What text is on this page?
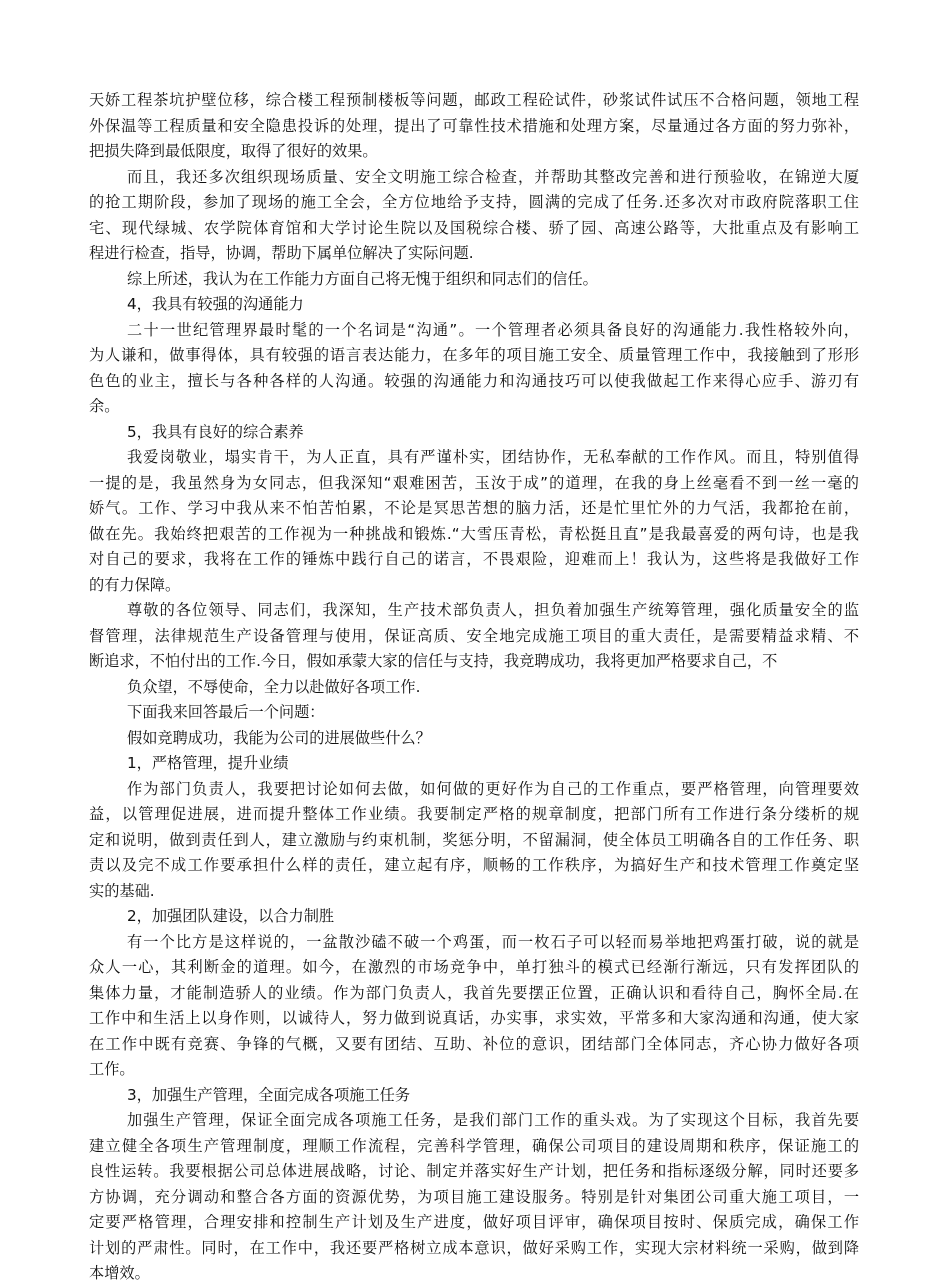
天娇工程茶坑护壁位移，综合楼工程预制楼板等问题，邮政工程砼试件，砂浆试件试压不合格问题，领地工程
外保温等工程质量和安全隐患投诉的处理，提出了可靠性技术措施和处理方案，尽量通过各方面的努力弥补，
把损失降到最低限度，取得了很好的效果。
而且，我还多次组织现场质量、安全文明施工综合检查，并帮助其整改完善和进行预验收，在锦逆大厦
的抢工期阶段，参加了现场的施工全会，全方位地给予支持，圆满的完成了任务.还多次对市政府院落职工住
宅、现代绿城、农学院体育馆和大学讨论生院以及国税综合楼、骄了园、高速公路等，大批重点及有影响工
程进行检查，指导，协调，帮助下属单位解决了实际问题.
综上所述，我认为在工作能力方面自己将无愧于组织和同志们的信任。
4，我具有较强的沟通能力
二十一世纪管理界最时髦的一个名词是“沟通”。一个管理者必须具备良好的沟通能力.我性格较外向，
为人谦和，做事得体，具有较强的语言表达能力，在多年的项目施工安全、质量管理工作中，我接触到了形形
色色的业主，擅长与各种各样的人沟通。较强的沟通能力和沟通技巧可以使我做起工作来得心应手、游刃有
余。
5，我具有良好的综合素养
我爱岗敬业，塌实肯干，为人正直，具有严谨朴实，团结协作，无私奉献的工作作风。而且，特别值得
一提的是，我虽然身为女同志，但我深知“艰难困苦，玉汝于成”的道理，在我的身上丝毫看不到一丝一毫的
娇气。工作、学习中我从来不怕苦怕累，不论是冥思苦想的脑力活，还是忙里忙外的力气活，我都抢在前，
做在先。我始终把艰苦的工作视为一种挑战和锻炼.“大雪压青松，青松挺且直”是我最喜爱的两句诗，也是我
对自己的要求，我将在工作的锤炼中践行自己的诺言，不畏艰险，迎难而上！我认为，这些将是我做好工作
的有力保障。
尊敬的各位领导、同志们，我深知，生产技术部负责人，担负着加强生产统筹管理，强化质量安全的监
督管理，法律规范生产设备管理与使用，保证高质、安全地完成施工项目的重大责任，是需要精益求精、不
断追求，不怕付出的工作.今日，假如承蒙大家的信任与支持，我竞聘成功，我将更加严格要求自己，不
负众望，不辱使命，全力以赴做好各项工作.
下面我来回答最后一个问题：
假如竞聘成功，我能为公司的进展做些什么？
1，严格管理，提升业绩
作为部门负责人，我要把讨论如何去做，如何做的更好作为自己的工作重点，要严格管理，向管理要效
益，以管理促进展，进而提升整体工作业绩。我要制定严格的规章制度，把部门所有工作进行条分缕析的规
定和说明，做到责任到人，建立激励与约束机制，奖惩分明，不留漏洞，使全体员工明确各自的工作任务、职
责以及完不成工作要承担什么样的责任，建立起有序，顺畅的工作秩序，为搞好生产和技术管理工作奠定坚
实的基础.
2，加强团队建设，以合力制胜
有一个比方是这样说的，一盆散沙磕不破一个鸡蛋，而一枚石子可以轻而易举地把鸡蛋打破，说的就是
众人一心，其利断金的道理。如今，在激烈的市场竞争中，单打独斗的模式已经渐行渐远，只有发挥团队的
集体力量，才能制造骄人的业绩。作为部门负责人，我首先要摆正位置，正确认识和看待自己，胸怀全局.在
工作中和生活上以身作则，以诚待人，努力做到说真话，办实事，求实效，平常多和大家沟通和沟通，使大家
在工作中既有竞赛、争锋的气概，又要有团结、互助、补位的意识，团结部门全体同志，齐心协力做好各项
工作。
3，加强生产管理，全面完成各项施工任务
加强生产管理，保证全面完成各项施工任务，是我们部门工作的重头戏。为了实现这个目标，我首先要
建立健全各项生产管理制度，理顺工作流程，完善科学管理，确保公司项目的建设周期和秩序，保证施工的
良性运转。我要根据公司总体进展战略，讨论、制定并落实好生产计划，把任务和指标逐级分解，同时还要多
方协调，充分调动和整合各方面的资源优势，为项目施工建设服务。特别是针对集团公司重大施工项目，一
定要严格管理，合理安排和控制生产计划及生产进度，做好项目评审，确保项目按时、保质完成，确保工作
计划的严肃性。同时，在工作中，我还要严格树立成本意识，做好采购工作，实现大宗材料统一采购，做到降
本增效。
